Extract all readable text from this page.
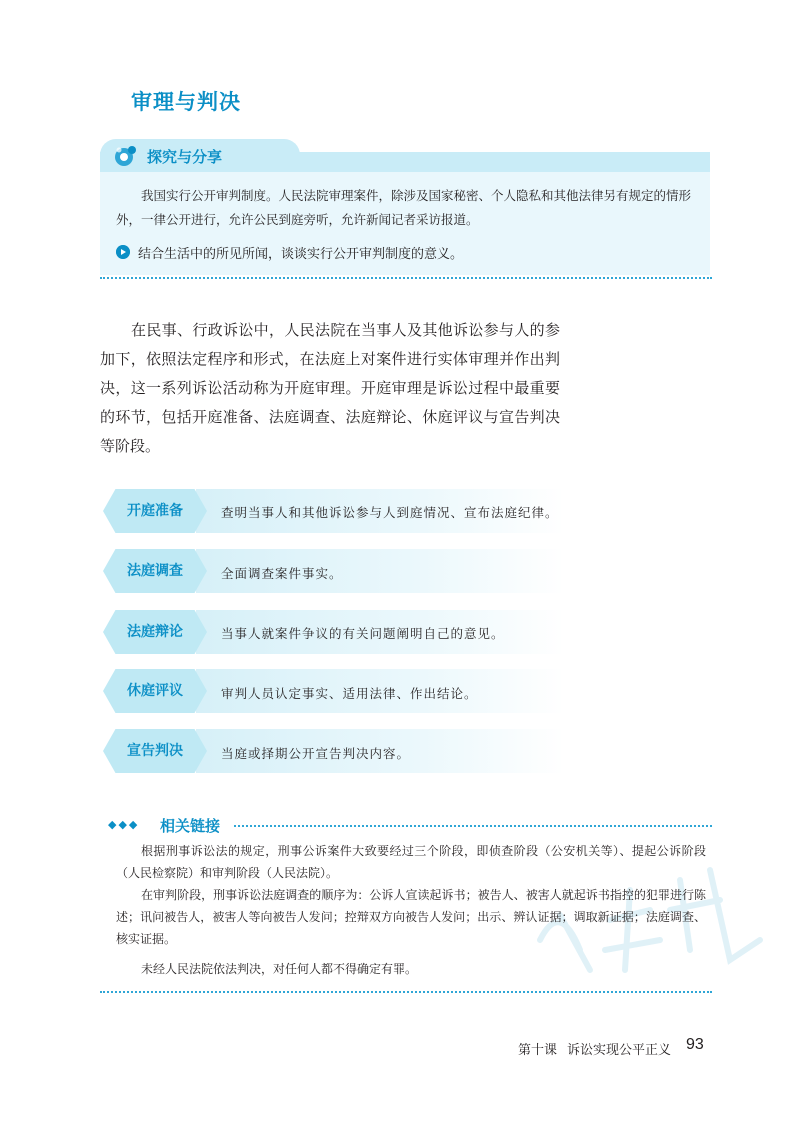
审理与判决
探究与分享
我国实行公开审判制度。人民法院审理案件，除涉及国家秘密、个人隐私和其他法律另有规定的情形外，一律公开进行，允许公民到庭旁听，允许新闻记者采访报道。
结合生活中的所见所闻，谈谈实行公开审判制度的意义。
在民事、行政诉讼中，人民法院在当事人及其他诉讼参与人的参加下，依照法定程序和形式，在法庭上对案件进行实体审理并作出判决，这一系列诉讼活动称为开庭审理。开庭审理是诉讼过程中最重要的环节，包括开庭准备、法庭调查、法庭辩论、休庭评议与宣告判决等阶段。
开庭准备	查明当事人和其他诉讼参与人到庭情况、宣布法庭纪律。
法庭调查	全面调查案件事实。
法庭辩论	当事人就案件争议的有关问题阐明自己的意见。
休庭评议	审判人员认定事实、适用法律、作出结论。
宣告判决	当庭或择期公开宣告判决内容。
◆◆◆ 相关链接
根据刑事诉讼法的规定，刑事公诉案件大致要经过三个阶段，即侦查阶段（公安机关等）、提起公诉阶段（人民检察院）和审判阶段（人民法院）。
在审判阶段，刑事诉讼法庭调查的顺序为：公诉人宣读起诉书；被告人、被害人就起诉书指控的犯罪进行陈述；讯问被告人，被害人等向被告人发问；控辩双方向被告人发问；出示、辨认证据；调取新证据；法庭调查、核实证据。
未经人民法院依法判决，对任何人都不得确定有罪。
第十课 诉讼实现公平正义 93
